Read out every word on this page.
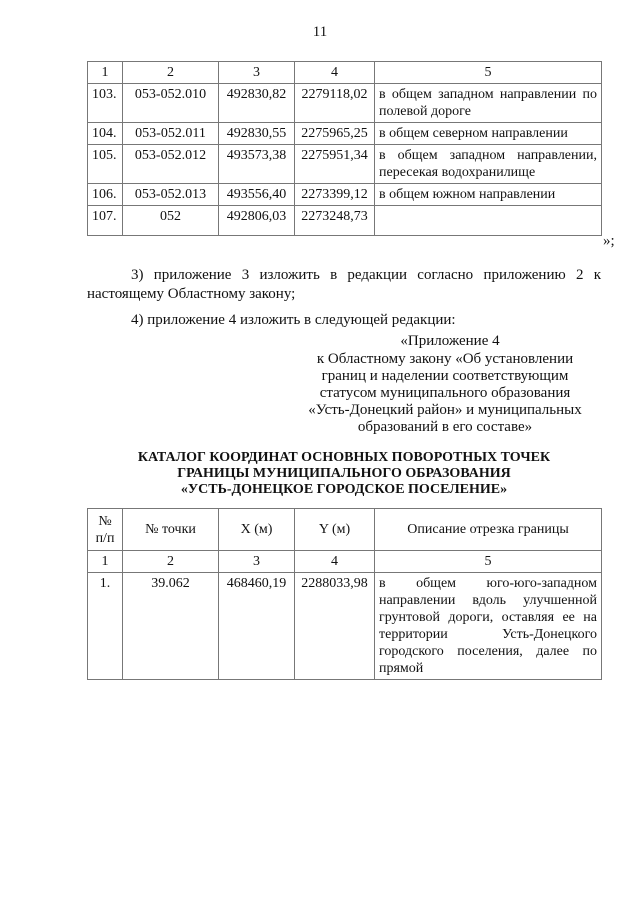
11
1	2	3	4	5
103.	053-052.010	492830,82	2279118,02	в общем западном направлении по полевой дороге
104.	053-052.011	492830,55	2275965,25	в общем северном направлении
105.	053-052.012	493573,38	2275951,34	в общем западном направлении, пересекая водохранилище
106.	053-052.013	493556,40	2273399,12	в общем южном направлении
107.	052	492806,03	2273248,73	
»;
3) приложение 3 изложить в редакции согласно приложению 2 к настоящему Областному закону;
4) приложение 4 изложить в следующей редакции:
«Приложение 4
к Областному закону «Об установлении
границ и наделении соответствующим
статусом муниципального образования
«Усть-Донецкий район» и муниципальных
образований в его составе»
КАТАЛОГ КООРДИНАТ ОСНОВНЫХ ПОВОРОТНЫХ ТОЧЕК
ГРАНИЦЫ МУНИЦИПАЛЬНОГО ОБРАЗОВАНИЯ
«УСТЬ-ДОНЕЦКОЕ ГОРОДСКОЕ ПОСЕЛЕНИЕ»
№ п/п	№ точки	X (м)	Y (м)	Описание отрезка границы
1	2	3	4	5
1.	39.062	468460,19	2288033,98	в общем юго-юго-западном направлении вдоль улучшенной грунтовой дороги, оставляя ее на территории Усть-Донецкого городского поселения, далее по прямой
